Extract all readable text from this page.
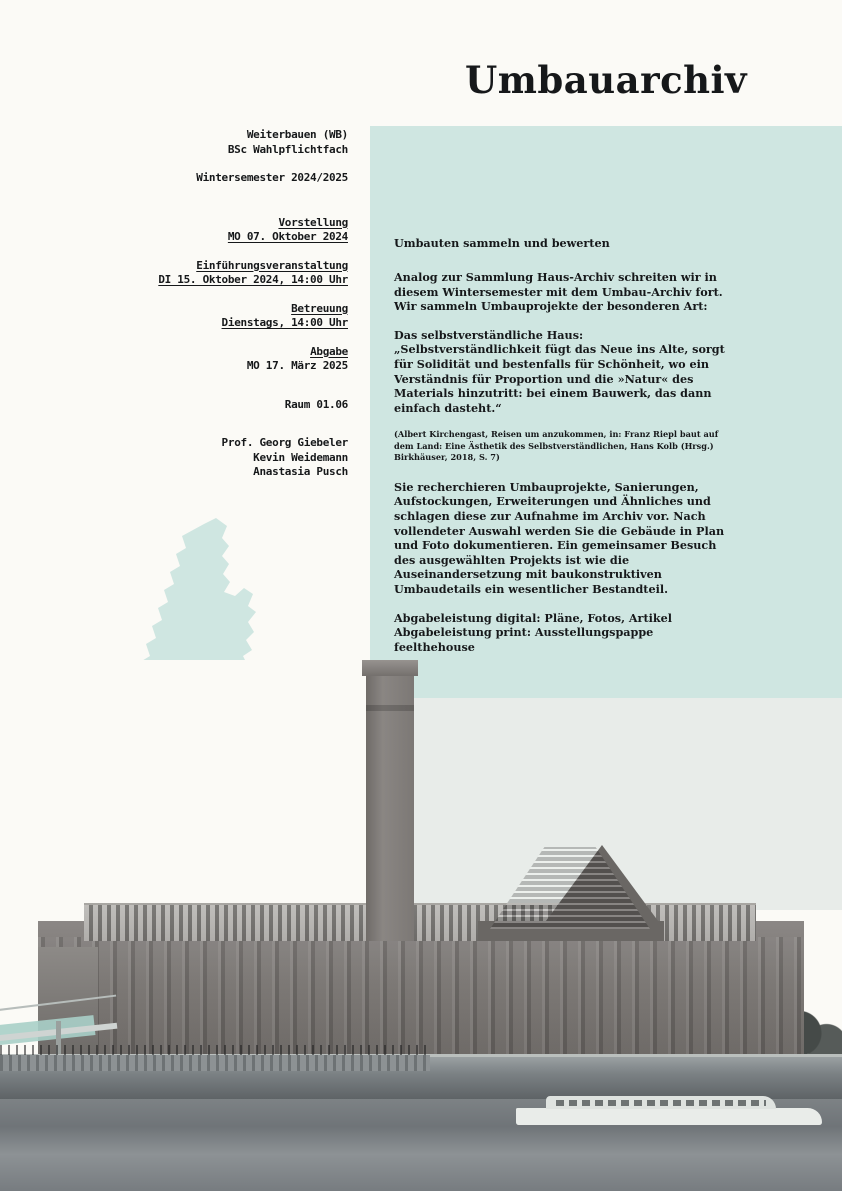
Umbauarchiv
Weiterbauen (WB)
BSc Wahlpflichtfach
Wintersemester 2024/2025
Vorstellung
MO 07. Oktober 2024
Einführungsveranstaltung
DI 15. Oktober 2024, 14:00 Uhr
Betreuung
Dienstags, 14:00 Uhr
Abgabe
MO 17. März 2025
Raum 01.06
Prof. Georg Giebeler
Kevin Weidemann
Anastasia Pusch
Umbauten sammeln und bewerten
Analog zur Sammlung Haus-Archiv schreiten wir in diesem Wintersemester mit dem Umbau-Archiv fort. Wir sammeln Umbauprojekte der besonderen Art:
Das selbstverständliche Haus: „Selbstverständlichkeit fügt das Neue ins Alte, sorgt für Solidität und bestenfalls für Schönheit, wo ein Verständnis für Proportion und die »Natur« des Materials hinzutritt: bei einem Bauwerk, das dann einfach dasteht.“
(Albert Kirchengast, Reisen um anzukommen, in: Franz Riepl baut auf dem Land: Eine Ästhetik des Selbstverständlichen, Hans Kolb (Hrsg.) Birkhäuser, 2018, S. 7)
Sie recherchieren Umbauprojekte, Sanierungen, Aufstockungen, Erweiterungen und Ähnliches und schlagen diese zur Aufnahme im Archiv vor. Nach vollendeter Auswahl werden Sie die Gebäude in Plan und Foto dokumentieren. Ein gemeinsamer Besuch des ausgewählten Projekts ist wie die Auseinandersetzung mit baukonstruktiven Umbaudetails ein wesentlicher Bestandteil.
Abgabeleistung digital: Pläne, Fotos, Artikel
Abgabeleistung print: Ausstellungspappe feelthehouse
